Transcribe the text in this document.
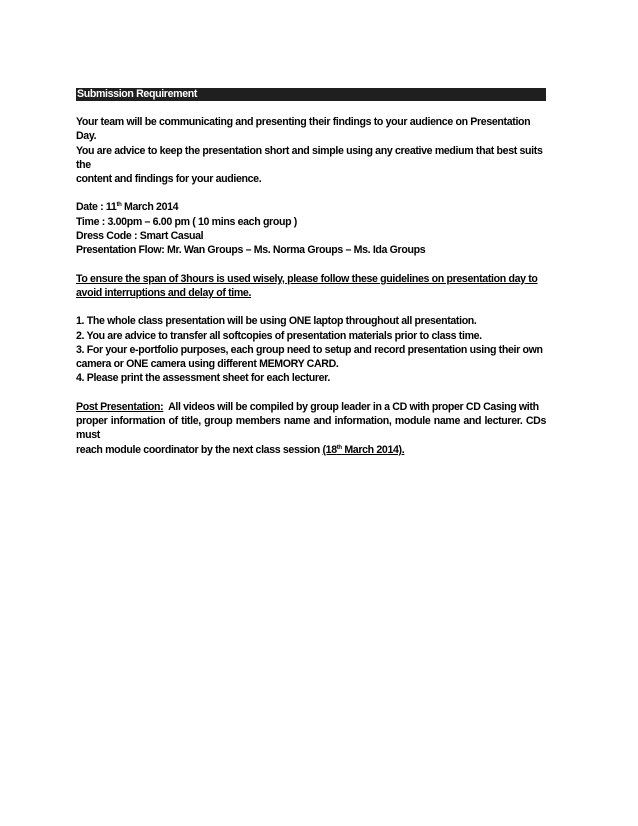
Submission Requirement

Your team will be communicating and presenting their findings to your audience on Presentation Day.

You are advice to keep the presentation short and simple using any creative medium that best suits the

content and findings for your audience.

Date : 11th March 2014

Time : 3.00pm – 6.00 pm ( 10 mins each group )

Dress Code : Smart Casual

Presentation Flow: Mr. Wan Groups – Ms. Norma Groups – Ms. Ida Groups

To ensure the span of 3hours is used wisely, please follow these guidelines on presentation day to

avoid interruptions and delay of time.

1. The whole class presentation will be using ONE laptop throughout all presentation.

2. You are advice to transfer all softcopies of presentation materials prior to class time.

3. For your e-portfolio purposes, each group need to setup and record presentation using their own

camera or ONE camera using different MEMORY CARD.

4. Please print the assessment sheet for each lecturer.

Post Presentation:  All videos will be compiled by group leader in a CD with proper CD Casing with

proper information of title, group members name and information, module name and lecturer. CDs must

reach module coordinator by the next class session (18th March 2014).
